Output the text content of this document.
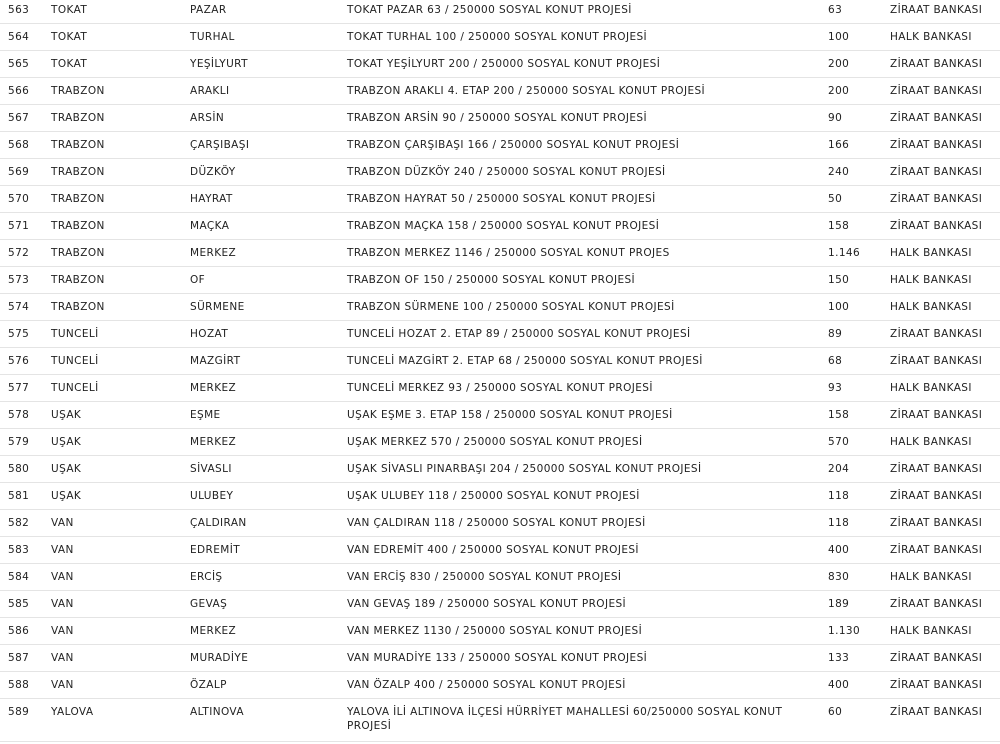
563	TOKAT	PAZAR	TOKAT PAZAR 63 / 250000 SOSYAL KONUT PROJESİ	63	ZİRAAT BANKASI
564	TOKAT	TURHAL	TOKAT TURHAL 100 / 250000 SOSYAL KONUT PROJESİ	100	HALK BANKASI
565	TOKAT	YEŞİLYURT	TOKAT YEŞİLYURT 200 / 250000 SOSYAL KONUT PROJESİ	200	ZİRAAT BANKASI
566	TRABZON	ARAKLI	TRABZON ARAKLI 4. ETAP 200 / 250000 SOSYAL KONUT PROJESİ	200	ZİRAAT BANKASI
567	TRABZON	ARSİN	TRABZON ARSİN 90 / 250000 SOSYAL KONUT PROJESİ	90	ZİRAAT BANKASI
568	TRABZON	ÇARŞIBAŞI	TRABZON ÇARŞIBAŞI 166 / 250000 SOSYAL KONUT PROJESİ	166	ZİRAAT BANKASI
569	TRABZON	DÜZKÖY	TRABZON DÜZKÖY 240 / 250000 SOSYAL KONUT PROJESİ	240	ZİRAAT BANKASI
570	TRABZON	HAYRAT	TRABZON HAYRAT 50 / 250000 SOSYAL KONUT PROJESİ	50	ZİRAAT BANKASI
571	TRABZON	MAÇKA	TRABZON MAÇKA 158 / 250000 SOSYAL KONUT PROJESİ	158	ZİRAAT BANKASI
572	TRABZON	MERKEZ	TRABZON MERKEZ 1146 / 250000 SOSYAL KONUT PROJES	1.146	HALK BANKASI
573	TRABZON	OF	TRABZON OF 150 / 250000 SOSYAL KONUT PROJESİ	150	HALK BANKASI
574	TRABZON	SÜRMENE	TRABZON SÜRMENE 100 / 250000 SOSYAL KONUT PROJESİ	100	HALK BANKASI
575	TUNCELİ	HOZAT	TUNCELİ HOZAT 2. ETAP 89 / 250000 SOSYAL KONUT PROJESİ	89	ZİRAAT BANKASI
576	TUNCELİ	MAZGİRT	TUNCELİ MAZGİRT 2. ETAP 68 / 250000 SOSYAL KONUT PROJESİ	68	ZİRAAT BANKASI
577	TUNCELİ	MERKEZ	TUNCELİ MERKEZ 93 / 250000 SOSYAL KONUT PROJESİ	93	HALK BANKASI
578	UŞAK	EŞME	UŞAK EŞME 3. ETAP 158 / 250000 SOSYAL KONUT PROJESİ	158	ZİRAAT BANKASI
579	UŞAK	MERKEZ	UŞAK MERKEZ 570 / 250000 SOSYAL KONUT PROJESİ	570	HALK BANKASI
580	UŞAK	SİVASLI	UŞAK SİVASLI PINARBAŞI 204 / 250000 SOSYAL KONUT PROJESİ	204	ZİRAAT BANKASI
581	UŞAK	ULUBEY	UŞAK ULUBEY 118 / 250000 SOSYAL KONUT PROJESİ	118	ZİRAAT BANKASI
582	VAN	ÇALDIRAN	VAN ÇALDIRAN 118 / 250000 SOSYAL KONUT PROJESİ	118	ZİRAAT BANKASI
583	VAN	EDREMİT	VAN EDREMİT 400 / 250000 SOSYAL KONUT PROJESİ	400	ZİRAAT BANKASI
584	VAN	ERCİŞ	VAN ERCİŞ 830 / 250000 SOSYAL KONUT PROJESİ	830	HALK BANKASI
585	VAN	GEVAŞ	VAN GEVAŞ 189 / 250000 SOSYAL KONUT PROJESİ	189	ZİRAAT BANKASI
586	VAN	MERKEZ	VAN MERKEZ 1130 / 250000 SOSYAL KONUT PROJESİ	1.130	HALK BANKASI
587	VAN	MURADİYE	VAN MURADİYE 133 / 250000 SOSYAL KONUT PROJESİ	133	ZİRAAT BANKASI
588	VAN	ÖZALP	VAN ÖZALP 400 / 250000 SOSYAL KONUT PROJESİ	400	ZİRAAT BANKASI
589	YALOVA	ALTINOVA	YALOVA İLİ ALTINOVA İLÇESİ HÜRRİYET MAHALLESİ 60/250000 SOSYAL KONUT PROJESİ	60	ZİRAAT BANKASI
